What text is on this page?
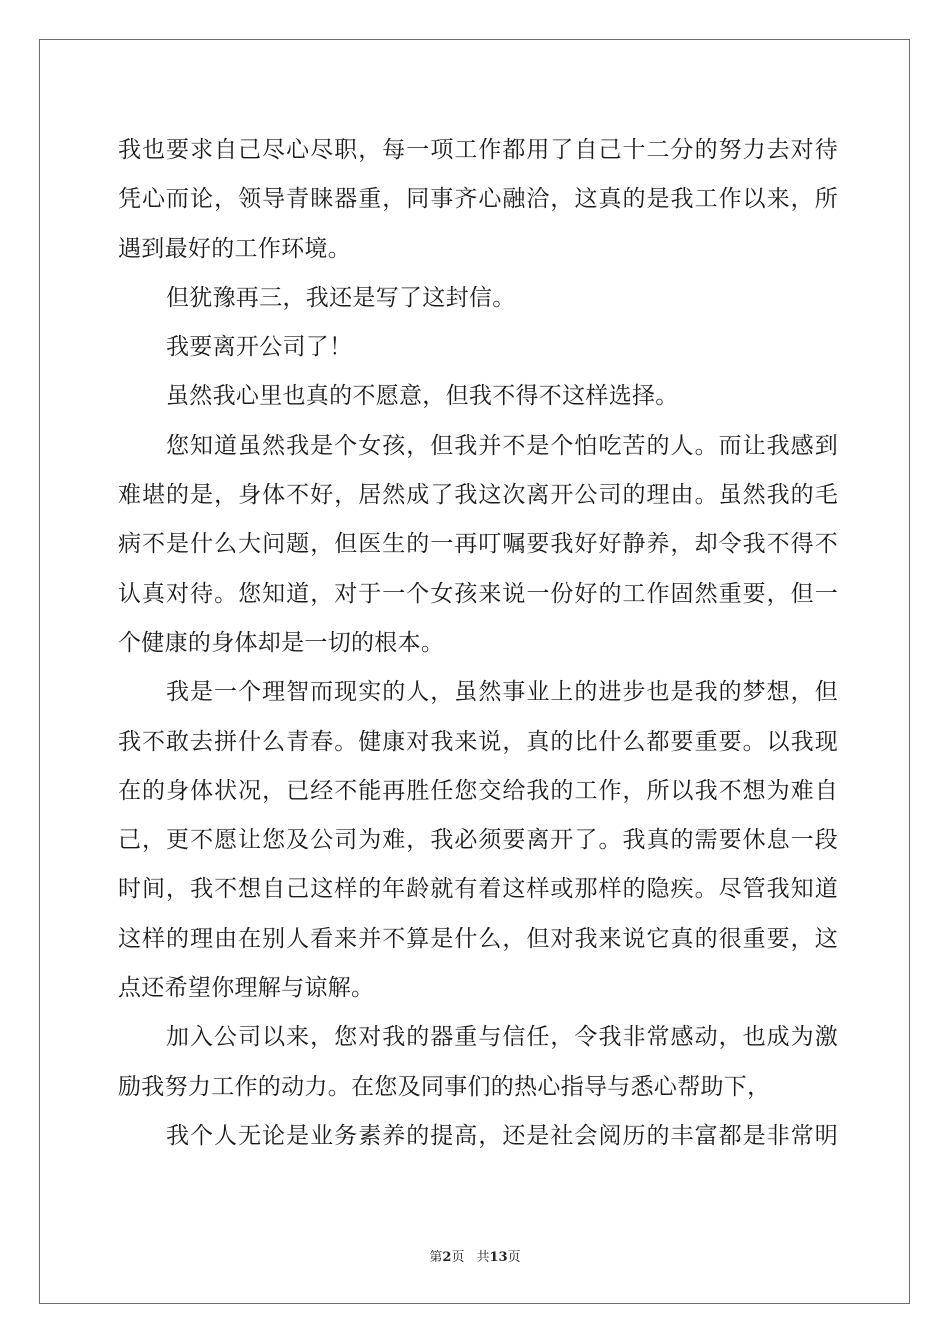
我也要求自己尽心尽职，每一项工作都用了自己十二分的努力去对待
凭心而论，领导青睐器重，同事齐心融洽，这真的是我工作以来，所
遇到最好的工作环境。
但犹豫再三，我还是写了这封信。
我要离开公司了！
虽然我心里也真的不愿意，但我不得不这样选择。
您知道虽然我是个女孩，但我并不是个怕吃苦的人。而让我感到
难堪的是，身体不好，居然成了我这次离开公司的理由。虽然我的毛
病不是什么大问题，但医生的一再叮嘱要我好好静养，却令我不得不
认真对待。您知道，对于一个女孩来说一份好的工作固然重要，但一
个健康的身体却是一切的根本。
我是一个理智而现实的人，虽然事业上的进步也是我的梦想，但
我不敢去拼什么青春。健康对我来说，真的比什么都要重要。以我现
在的身体状况，已经不能再胜任您交给我的工作，所以我不想为难自
己，更不愿让您及公司为难，我必须要离开了。我真的需要休息一段
时间，我不想自己这样的年龄就有着这样或那样的隐疾。尽管我知道
这样的理由在别人看来并不算是什么，但对我来说它真的很重要，这
点还希望你理解与谅解。
加入公司以来，您对我的器重与信任，令我非常感动，也成为激
励我努力工作的动力。在您及同事们的热心指导与悉心帮助下，
我个人无论是业务素养的提高，还是社会阅历的丰富都是非常明
第2页 共13页
